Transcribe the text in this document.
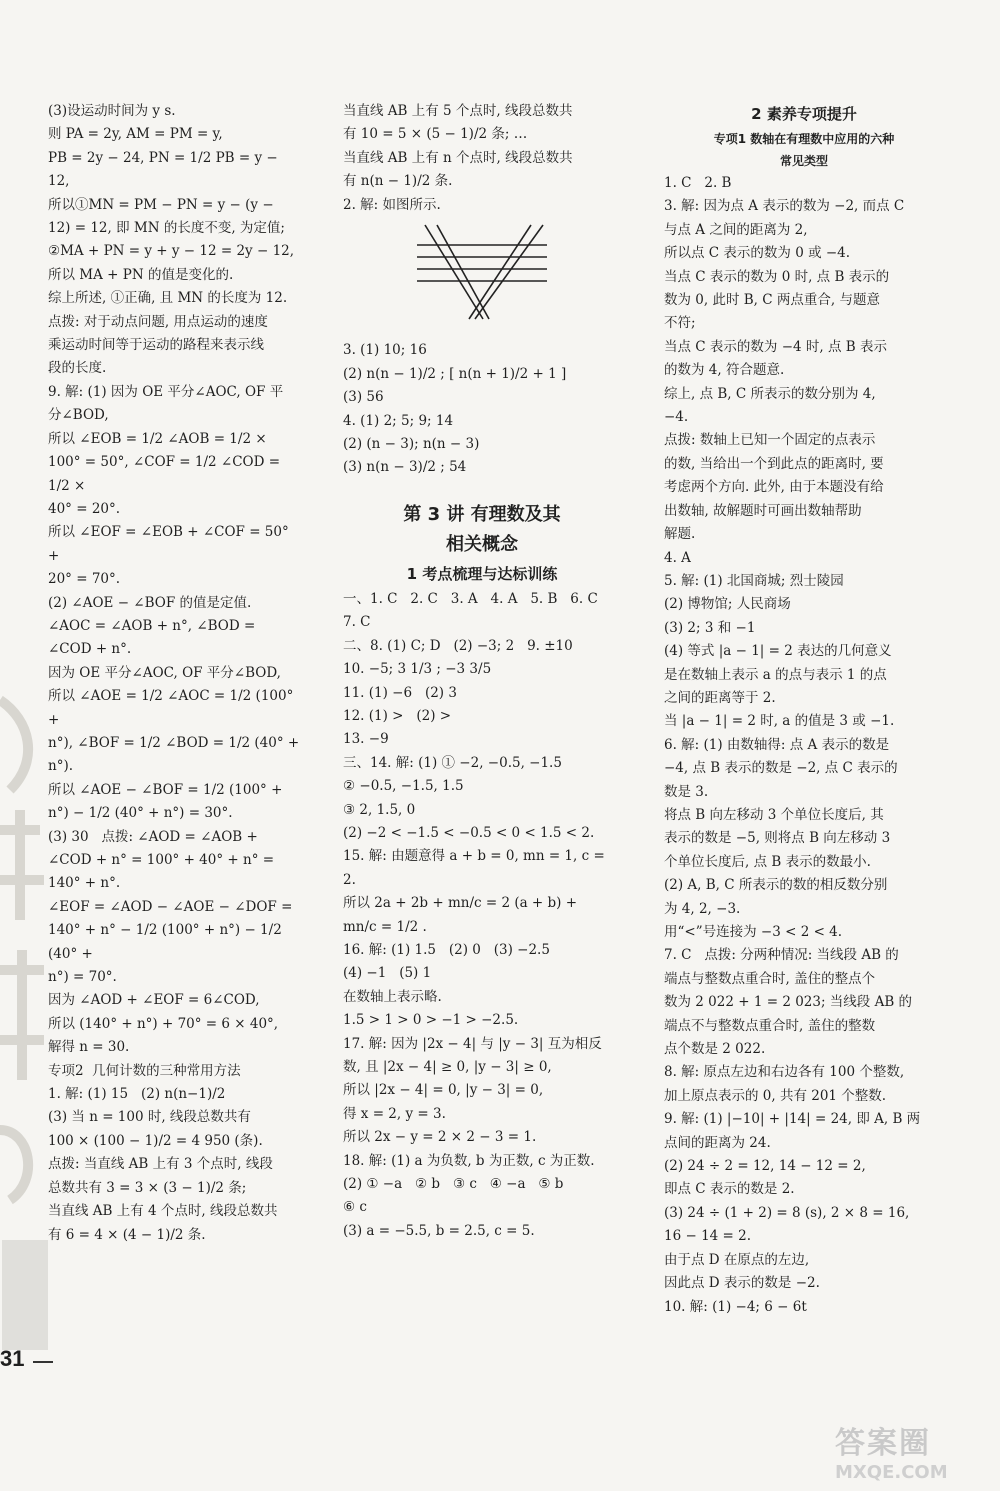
(3)设运动时间为 y s.
则 PA = 2y, AM = PM = y,
PB = 2y − 24, PN = 1/2 PB = y − 12,
所以①MN = PM − PN = y − (y −
12) = 12, 即 MN 的长度不变, 为定值;
②MA + PN = y + y − 12 = 2y − 12,
所以 MA + PN 的值是变化的.
综上所述, ①正确, 且 MN 的长度为 12.
点拨: 对于动点问题, 用点运动的速度
乘运动时间等于运动的路程来表示线
段的长度.
9. 解: (1) 因为 OE 平分∠AOC, OF 平
分∠BOD,
所以 ∠EOB = 1/2 ∠AOB = 1/2 ×
100° = 50°, ∠COF = 1/2 ∠COD = 1/2 ×
40° = 20°.
所以 ∠EOF = ∠EOB + ∠COF = 50° +
20° = 70°.
(2) ∠AOE − ∠BOF 的值是定值.
∠AOC = ∠AOB + n°, ∠BOD =
∠COD + n°.
因为 OE 平分∠AOC, OF 平分∠BOD,
所以 ∠AOE = 1/2 ∠AOC = 1/2 (100° +
n°), ∠BOF = 1/2 ∠BOD = 1/2 (40° +
n°).
所以 ∠AOE − ∠BOF = 1/2 (100° +
n°) − 1/2 (40° + n°) = 30°.
(3) 30   点拨: ∠AOD = ∠AOB +
∠COD + n° = 100° + 40° + n° =
140° + n°.
∠EOF = ∠AOD − ∠AOE − ∠DOF =
140° + n° − 1/2 (100° + n°) − 1/2 (40° +
n°) = 70°.
因为 ∠AOD + ∠EOF = 6∠COD,
所以 (140° + n°) + 70° = 6 × 40°,
解得 n = 30.
专项2  几何计数的三种常用方法
1. 解: (1) 15   (2) n(n−1)/2
(3) 当 n = 100 时, 线段总数共有
100 × (100 − 1)/2 = 4 950 (条).
点拨: 当直线 AB 上有 3 个点时, 线段
总数共有 3 = 3 × (3 − 1)/2 条;
当直线 AB 上有 4 个点时, 线段总数共
有 6 = 4 × (4 − 1)/2 条.
当直线 AB 上有 5 个点时, 线段总数共
有 10 = 5 × (5 − 1)/2 条; …
当直线 AB 上有 n 个点时, 线段总数共
有 n(n − 1)/2 条.
2. 解: 如图所示.
3. (1) 10; 16
(2) n(n − 1)/2 ; [ n(n + 1)/2 + 1 ]
(3) 56
4. (1) 2; 5; 9; 14
(2) (n − 3); n(n − 3)
(3) n(n − 3)/2 ; 54
第 3 讲 有理数及其
相关概念
1 考点梳理与达标训练
一、1. C   2. C   3. A   4. A   5. B   6. C
7. C
二、8. (1) C; D   (2) −3; 2   9. ±10
10. −5; 3 1/3 ; −3 3/5
11. (1) −6   (2) 3
12. (1) >   (2) >
13. −9
三、14. 解: (1) ① −2, −0.5, −1.5
② −0.5, −1.5, 1.5
③ 2, 1.5, 0
(2) −2 < −1.5 < −0.5 < 0 < 1.5 < 2.
15. 解: 由题意得 a + b = 0, mn = 1, c = 2.
所以 2a + 2b + mn/c = 2 (a + b) +
mn/c = 1/2 .
16. 解: (1) 1.5   (2) 0   (3) −2.5
(4) −1   (5) 1
在数轴上表示略.
1.5 > 1 > 0 > −1 > −2.5.
17. 解: 因为 |2x − 4| 与 |y − 3| 互为相反
数, 且 |2x − 4| ≥ 0, |y − 3| ≥ 0,
所以 |2x − 4| = 0, |y − 3| = 0,
得 x = 2, y = 3.
所以 2x − y = 2 × 2 − 3 = 1.
18. 解: (1) a 为负数, b 为正数, c 为正数.
(2) ① −a   ② b   ③ c   ④ −a   ⑤ b
⑥ c
(3) a = −5.5, b = 2.5, c = 5.
2 素养专项提升
专项1 数轴在有理数中应用的六种
常见类型
1. C   2. B
3. 解: 因为点 A 表示的数为 −2, 而点 C
与点 A 之间的距离为 2,
所以点 C 表示的数为 0 或 −4.
当点 C 表示的数为 0 时, 点 B 表示的
数为 0, 此时 B, C 两点重合, 与题意
不符;
当点 C 表示的数为 −4 时, 点 B 表示
的数为 4, 符合题意.
综上, 点 B, C 所表示的数分别为 4,
−4.
点拨: 数轴上已知一个固定的点表示
的数, 当给出一个到此点的距离时, 要
考虑两个方向. 此外, 由于本题没有给
出数轴, 故解题时可画出数轴帮助
解题.
4. A
5. 解: (1) 北国商城; 烈士陵园
(2) 博物馆; 人民商场
(3) 2; 3 和 −1
(4) 等式 |a − 1| = 2 表达的几何意义
是在数轴上表示 a 的点与表示 1 的点
之间的距离等于 2.
当 |a − 1| = 2 时, a 的值是 3 或 −1.
6. 解: (1) 由数轴得: 点 A 表示的数是
−4, 点 B 表示的数是 −2, 点 C 表示的
数是 3.
将点 B 向左移动 3 个单位长度后, 其
表示的数是 −5, 则将点 B 向左移动 3
个单位长度后, 点 B 表示的数最小.
(2) A, B, C 所表示的数的相反数分别
为 4, 2, −3.
用“<”号连接为 −3 < 2 < 4.
7. C   点拨: 分两种情况: 当线段 AB 的
端点与整数点重合时, 盖住的整点个
数为 2 022 + 1 = 2 023; 当线段 AB 的
端点不与整数点重合时, 盖住的整数
点个数是 2 022.
8. 解: 原点左边和右边各有 100 个整数,
加上原点表示的 0, 共有 201 个整数.
9. 解: (1) |−10| + |14| = 24, 即 A, B 两
点间的距离为 24.
(2) 24 ÷ 2 = 12, 14 − 12 = 2,
即点 C 表示的数是 2.
(3) 24 ÷ (1 + 2) = 8 (s), 2 × 8 = 16,
16 − 14 = 2.
由于点 D 在原点的左边,
因此点 D 表示的数是 −2.
10. 解: (1) −4; 6 − 6t
31
答案圈
MXQE.COM
